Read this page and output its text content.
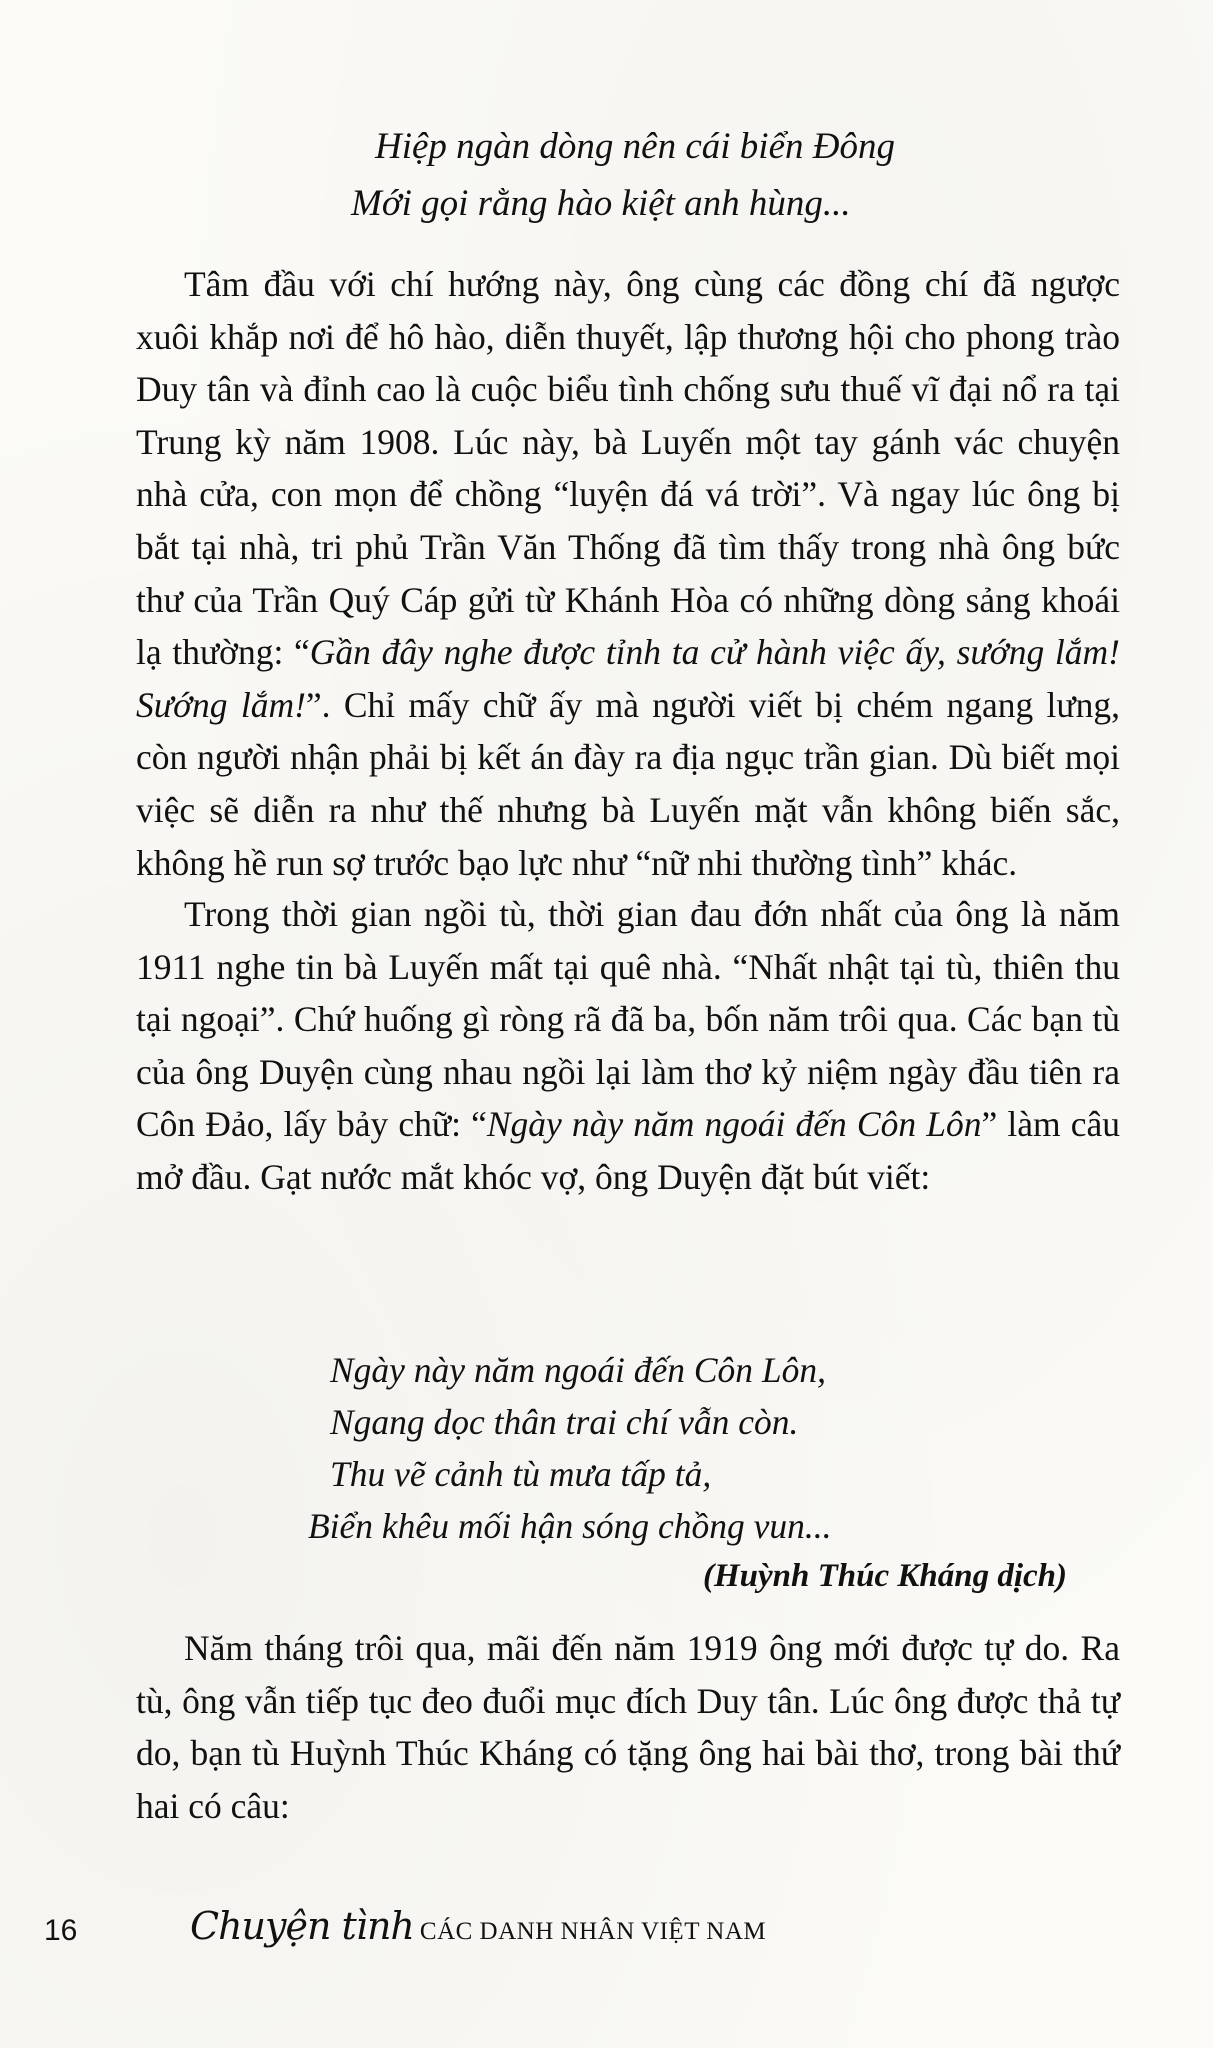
Hiệp ngàn dòng nên cái biển Đông
Mới gọi rằng hào kiệt anh hùng...

Tâm đầu với chí hướng này, ông cùng các đồng chí đã ngược xuôi khắp nơi để hô hào, diễn thuyết, lập thương hội cho phong trào Duy tân và đỉnh cao là cuộc biểu tình chống sưu thuế vĩ đại nổ ra tại Trung kỳ năm 1908. Lúc này, bà Luyến một tay gánh vác chuyện nhà cửa, con mọn để chồng “luyện đá vá trời”. Và ngay lúc ông bị bắt tại nhà, tri phủ Trần Văn Thống đã tìm thấy trong nhà ông bức thư của Trần Quý Cáp gửi từ Khánh Hòa có những dòng sảng khoái lạ thường: “Gần đây nghe được tỉnh ta cử hành việc ấy, sướng lắm! Sướng lắm!”. Chỉ mấy chữ ấy mà người viết bị chém ngang lưng, còn người nhận phải bị kết án đày ra địa ngục trần gian. Dù biết mọi việc sẽ diễn ra như thế nhưng bà Luyến mặt vẫn không biến sắc, không hề run sợ trước bạo lực như “nữ nhi thường tình” khác.

Trong thời gian ngồi tù, thời gian đau đớn nhất của ông là năm 1911 nghe tin bà Luyến mất tại quê nhà. “Nhất nhật tại tù, thiên thu tại ngoại”. Chứ huống gì ròng rã đã ba, bốn năm trôi qua. Các bạn tù của ông Duyện cùng nhau ngồi lại làm thơ kỷ niệm ngày đầu tiên ra Côn Đảo, lấy bảy chữ: “Ngày này năm ngoái đến Côn Lôn” làm câu mở đầu. Gạt nước mắt khóc vợ, ông Duyện đặt bút viết:

Ngày này năm ngoái đến Côn Lôn,
Ngang dọc thân trai chí vẫn còn.
Thu vẽ cảnh tù mưa tấp tả,
Biển khêu mối hận sóng chồng vun...
(Huỳnh Thúc Kháng dịch)

Năm tháng trôi qua, mãi đến năm 1919 ông mới được tự do. Ra tù, ông vẫn tiếp tục đeo đuổi mục đích Duy tân. Lúc ông được thả tự do, bạn tù Huỳnh Thúc Kháng có tặng ông hai bài thơ, trong bài thứ hai có câu:

16	Chuyện tình CÁC DANH NHÂN VIỆT NAM
